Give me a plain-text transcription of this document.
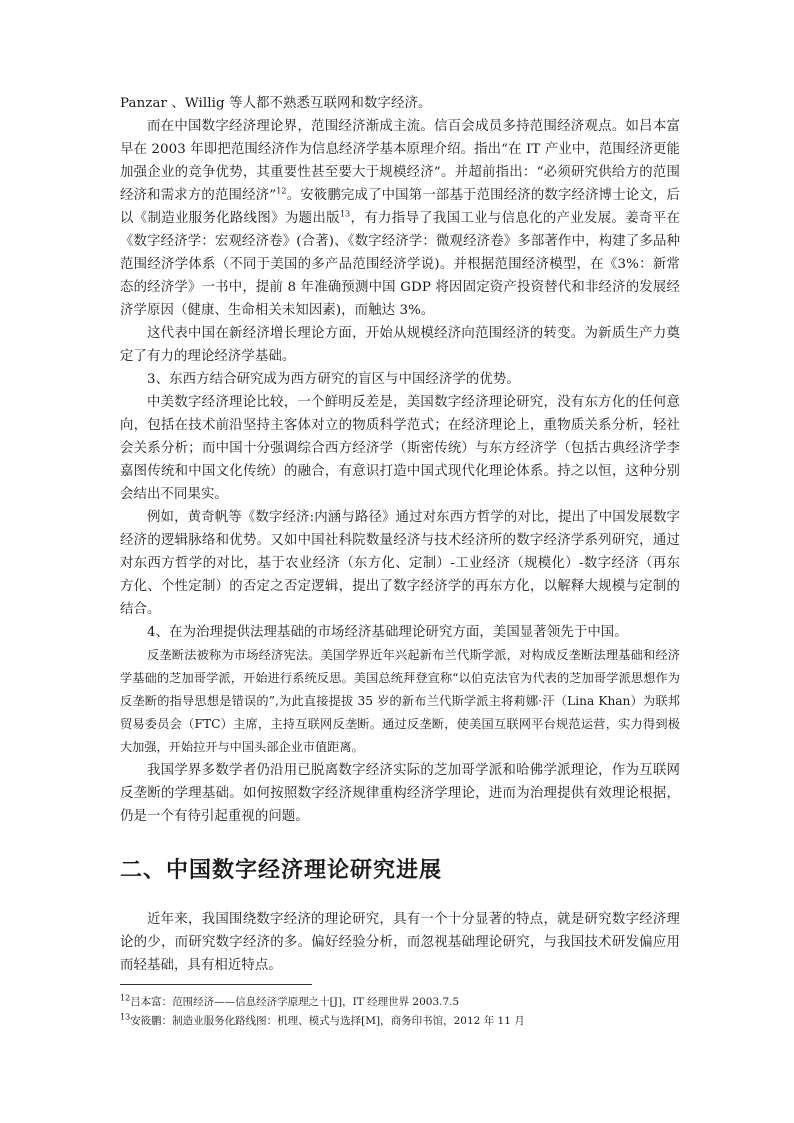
Panzar 、Willig 等人都不熟悉互联网和数字经济。

而在中国数字经济理论界，范围经济渐成主流。信百会成员多持范围经济观点。如吕本富早在 2003 年即把范围经济作为信息经济学基本原理介绍。指出“在 IT 产业中，范围经济更能加强企业的竞争优势，其重要性甚至要大于规模经济”。并超前指出：“必须研究供给方的范围经济和需求方的范围经济”$^{12}$。安筱鹏完成了中国第一部基于范围经济的数字经济博士论文，后以《制造业服务化路线图》为题出版$^{13}$，有力指导了我国工业与信息化的产业发展。姜奇平在《数字经济学：宏观经济卷》(合著)、《数字经济学：微观经济卷》多部著作中，构建了多品种范围经济学体系（不同于美国的多产品范围经济学说)。并根据范围经济模型，在《3%：新常态的经济学》一书中，提前 8 年准确预测中国 GDP 将因固定资产投资替代和非经济的发展经济学原因（健康、生命相关未知因素)，而触达 3%。

这代表中国在新经济增长理论方面，开始从规模经济向范围经济的转变。为新质生产力奠定了有力的理论经济学基础。

3、东西方结合研究成为西方研究的盲区与中国经济学的优势。

中美数字经济理论比较，一个鲜明反差是，美国数字经济理论研究，没有东方化的任何意向，包括在技术前沿坚持主客体对立的物质科学范式；在经济理论上，重物质关系分析，轻社会关系分析；而中国十分强调综合西方经济学（斯密传统）与东方经济学（包括古典经济学李嘉图传统和中国文化传统）的融合，有意识打造中国式现代化理论体系。持之以恒，这种分别会结出不同果实。

例如，黄奇帆等《数字经济:内涵与路径》通过对东西方哲学的对比，提出了中国发展数字经济的逻辑脉络和优势。又如中国社科院数量经济与技术经济所的数字经济学系列研究，通过对东西方哲学的对比，基于农业经济（东方化、定制）-工业经济（规模化）-数字经济（再东方化、个性定制）的否定之否定逻辑，提出了数字经济学的再东方化，以解释大规模与定制的结合。

4、在为治理提供法理基础的市场经济基础理论研究方面，美国显著领先于中国。

反垄断法被称为市场经济宪法。美国学界近年兴起新布兰代斯学派，对构成反垄断法理基础和经济学基础的芝加哥学派，开始进行系统反思。美国总统拜登宣称“以伯克法官为代表的芝加哥学派思想作为反垄断的指导思想是错误的”,为此直接提拔 35 岁的新布兰代斯学派主将莉娜·汗（Lina Khan）为联邦贸易委员会（FTC）主席，主持互联网反垄断。通过反垄断，使美国互联网平台规范运营，实力得到极大加强，开始拉开与中国头部企业市值距离。

我国学界多数学者仍沿用已脱离数字经济实际的芝加哥学派和哈佛学派理论，作为互联网反垄断的学理基础。如何按照数字经济规律重构经济学理论，进而为治理提供有效理论根据，仍是一个有待引起重视的问题。

二、中国数字经济理论研究进展

近年来，我国围绕数字经济的理论研究，具有一个十分显著的特点，就是研究数字经济理论的少，而研究数字经济的多。偏好经验分析，而忽视基础理论研究，与我国技术研发偏应用而轻基础，具有相近特点。

$^{12}$吕本富：范围经济——信息经济学原理之十[J]，IT 经理世界 2003.7.5

$^{13}$安筱鹏：制造业服务化路线图：机理、模式与选择[M]，商务印书馆，2012 年 11 月
